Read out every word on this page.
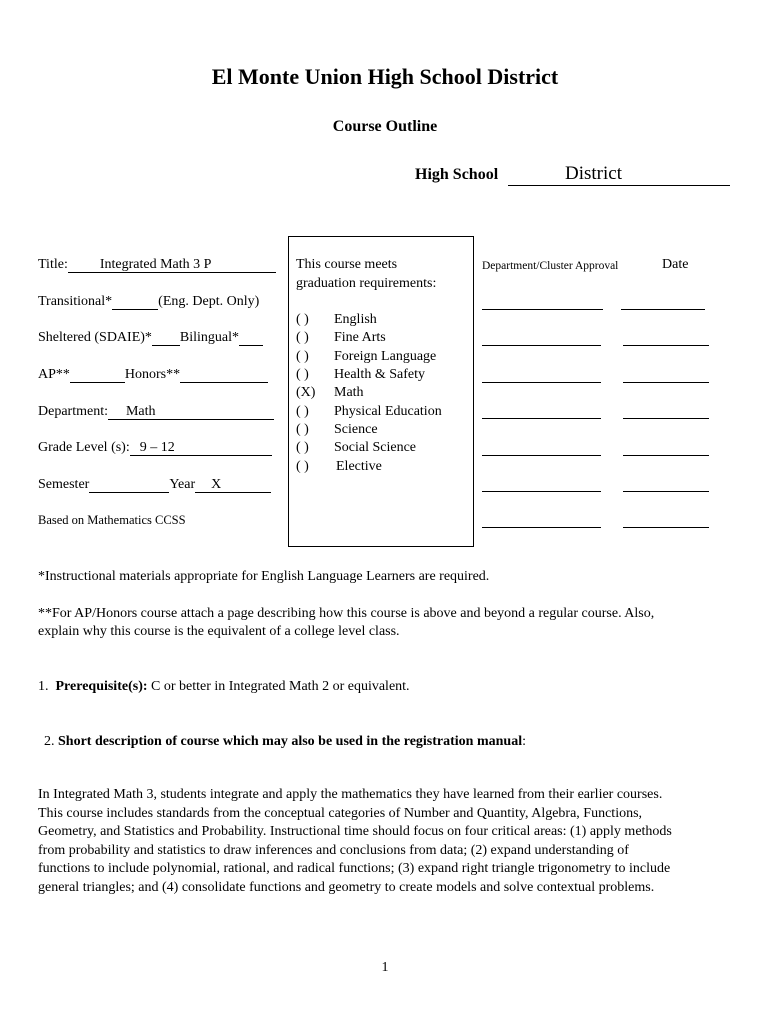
El Monte Union High School District
Course Outline
High School	District
Title: Integrated Math 3 P
Transitional*	(Eng. Dept. Only)
Sheltered (SDAIE)* Bilingual*
AP**	Honors**
Department: Math
Grade Level (s): 9 – 12
Semester	Year X
Based on Mathematics CCSS
This course meets
graduation requirements:
( ) English
( ) Fine Arts
( ) Foreign Language
( ) Health & Safety
(X) Math
( ) Physical Education
( ) Science
( ) Social Science
( ) Elective
Department/Cluster Approval	Date
*Instructional materials appropriate for English Language Learners are required.
**For AP/Honors course attach a page describing how this course is above and beyond a regular course. Also,
explain why this course is the equivalent of a college level class.
1. Prerequisite(s): C or better in Integrated Math 2 or equivalent.
2. Short description of course which may also be used in the registration manual:
In Integrated Math 3, students integrate and apply the mathematics they have learned from their earlier courses.
This course includes standards from the conceptual categories of Number and Quantity, Algebra, Functions,
Geometry, and Statistics and Probability. Instructional time should focus on four critical areas: (1) apply methods
from probability and statistics to draw inferences and conclusions from data; (2) expand understanding of
functions to include polynomial, rational, and radical functions; (3) expand right triangle trigonometry to include
general triangles; and (4) consolidate functions and geometry to create models and solve contextual problems.
1
